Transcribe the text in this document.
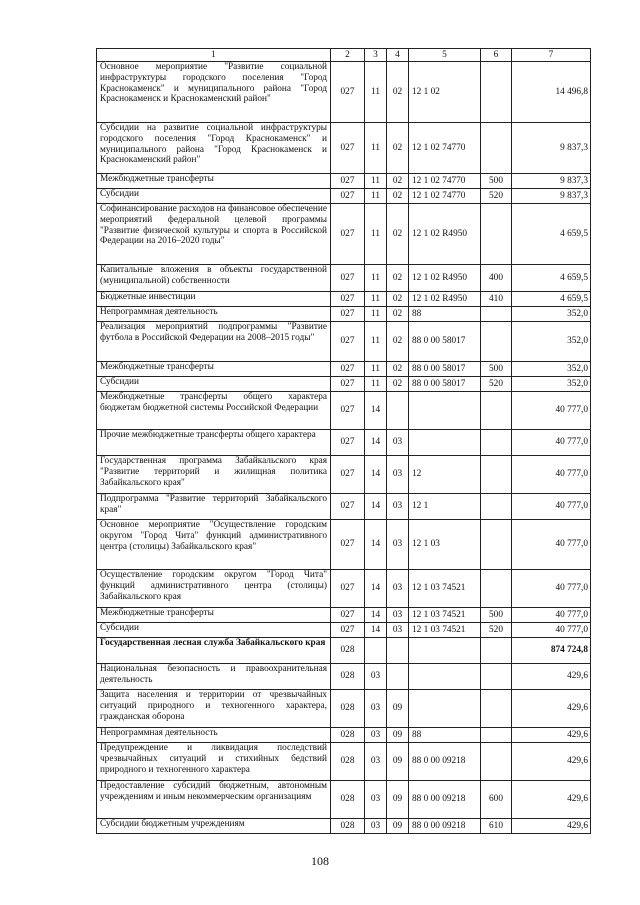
1	2	3	4	5	6	7
Основное мероприятие "Развитие социальной инфраструктуры городского поселения "Город Краснокаменск" и муниципального района "Город Краснокаменск и Краснокаменский район"	027	11	02	12 1 02		14 496,8
Субсидии на развитие социальной инфраструктуры городского поселения "Город Краснокаменск" и муниципального района "Город Краснокаменск и Краснокаменский район"	027	11	02	12 1 02 74770		9 837,3
Межбюджетные трансферты	027	11	02	12 1 02 74770	500	9 837,3
Субсидии	027	11	02	12 1 02 74770	520	9 837,3
Софинансирование расходов на финансовое обеспечение мероприятий федеральной целевой программы "Развитие физической культуры и спорта в Российской Федерации на 2016–2020 годы"	027	11	02	12 1 02 R4950		4 659,5
Капитальные вложения в объекты государственной (муниципальной) собственности	027	11	02	12 1 02 R4950	400	4 659,5
Бюджетные инвестиции	027	11	02	12 1 02 R4950	410	4 659,5
Непрограммная деятельность	027	11	02	88		352,0
Реализация мероприятий подпрограммы "Развитие футбола в Российской Федерации на 2008–2015 годы"	027	11	02	88 0 00 58017		352,0
Межбюджетные трансферты	027	11	02	88 0 00 58017	500	352,0
Субсидии	027	11	02	88 0 00 58017	520	352,0
Межбюджетные трансферты общего характера бюджетам бюджетной системы Российской Федерации	027	14				40 777,0
Прочие межбюджетные трансферты общего характера	027	14	03			40 777,0
Государственная программа Забайкальского края "Развитие территорий и жилищная политика Забайкальского края"	027	14	03	12		40 777,0
Подпрограмма "Развитие территорий Забайкальского края"	027	14	03	12 1		40 777,0
Основное мероприятие "Осуществление городским округом "Город Чита" функций административного центра (столицы) Забайкальского края"	027	14	03	12 1 03		40 777,0
Осуществление городским округом "Город Чита" функций административного центра (столицы) Забайкальского края	027	14	03	12 1 03 74521		40 777,0
Межбюджетные трансферты	027	14	03	12 1 03 74521	500	40 777,0
Субсидии	027	14	03	12 1 03 74521	520	40 777,0
Государственная лесная служба Забайкальского края	028					874 724,8
Национальная безопасность и правоохранительная деятельность	028	03				429,6
Защита населения и территории от чрезвычайных ситуаций природного и техногенного характера, гражданская оборона	028	03	09			429,6
Непрограммная деятельность	028	03	09	88		429,6
Предупреждение и ликвидация последствий чрезвычайных ситуаций и стихийных бедствий природного и техногенного характера	028	03	09	88 0 00 09218		429,6
Предоставление субсидий бюджетным, автономным учреждениям и иным некоммерческим организациям	028	03	09	88 0 00 09218	600	429,6
Субсидии бюджетным учреждениям	028	03	09	88 0 00 09218	610	429,6
108
